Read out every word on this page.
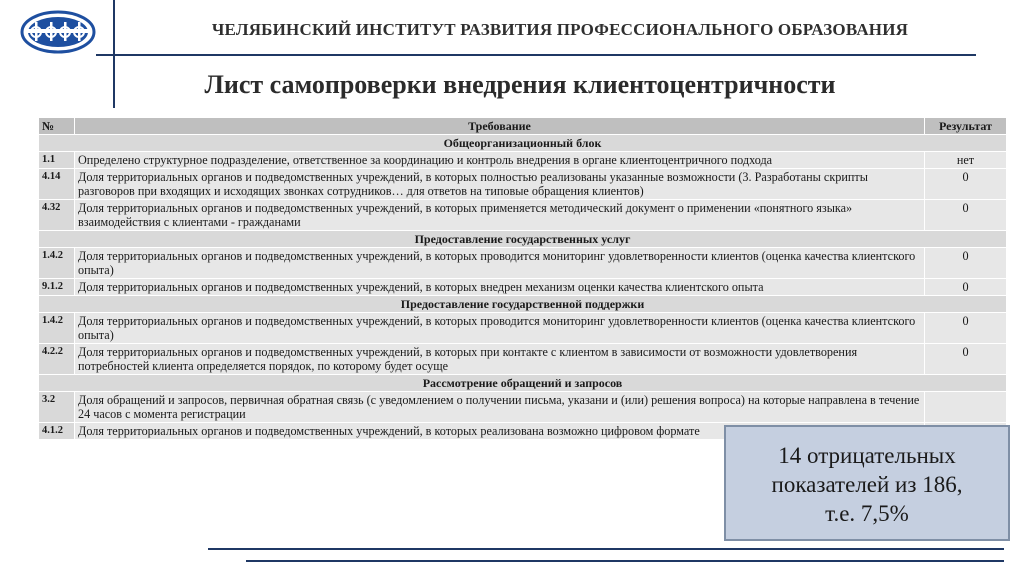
ЧЕЛЯБИНСКИЙ ИНСТИТУТ РАЗВИТИЯ ПРОФЕССИОНАЛЬНОГО ОБРАЗОВАНИЯ
Лист самопроверки внедрения клиентоцентричности
№	Требование	Результат
Общеорганизационный блок		
1.1	Определено структурное подразделение, ответственное за координацию и контроль внедрения в органе клиентоцентричного подхода	нет
4.14	Доля территориальных органов и подведомственных учреждений, в которых полностью реализованы указанные возможности (3. Разработаны скрипты разговоров при входящих и исходящих звонках сотрудников… для ответов на типовые обращения клиентов)	0
4.32	Доля территориальных органов и подведомственных учреждений, в которых применяется методический документ о применении «понятного языка» взаимодействия с клиентами - гражданами	0
Предоставление государственных услуг		
1.4.2	Доля территориальных органов и подведомственных учреждений, в которых проводится мониторинг удовлетворенности клиентов (оценка качества клиентского опыта)	0
9.1.2	Доля территориальных органов и подведомственных учреждений, в которых внедрен механизм оценки качества клиентского опыта	0
Предоставление государственной поддержки		
1.4.2	Доля территориальных органов и подведомственных учреждений, в которых проводится мониторинг удовлетворенности клиентов (оценка качества клиентского опыта)	0
4.2.2	Доля территориальных органов и подведомственных учреждений, в которых при контакте с клиентом в зависимости от возможности удовлетворения потребностей клиента определяется порядок, по которому будет осуще	0
Рассмотрение обращений и запросов		
3.2	Доля обращений и запросов, первичная обратная связь (с уведомлением о получении письма, указани и (или) решения вопроса) на которые направлена в течение 24 часов с момента регистрации	
4.1.2	Доля территориальных органов и подведомственных учреждений, в которых реализована возможно цифровом формате	
14 отрицательных
показателей из 186,
т.е. 7,5%
